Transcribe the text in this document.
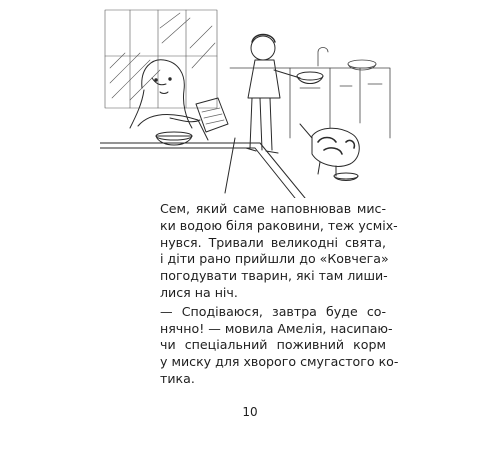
Сем, який саме наповнював мис-
ки водою біля раковини, теж усміх-
нувся. Тривали великодні свята,
і діти рано прийшли до «Ковчега»
погодувати тварин, які там лиши-
лися на ніч.

— Сподіваюся, завтра буде со-
нячно! — мовила Амелія, насипаю-
чи спеціальний поживний корм
у миску для хворого смугастого ко-
тика.

10
